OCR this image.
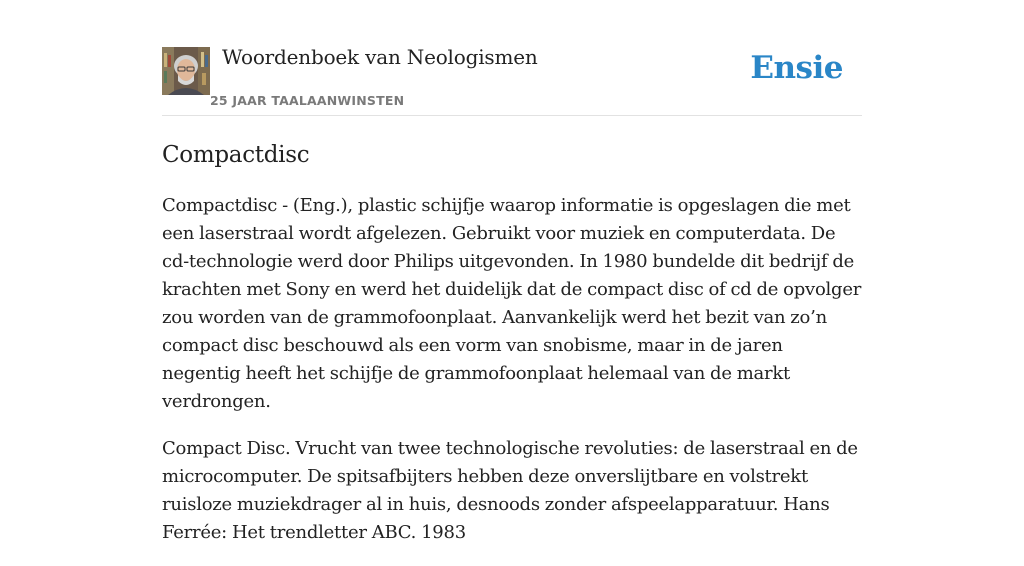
Woordenboek van Neologismen
25 JAAR TAALAANWINSTEN
Ensie
Compactdisc

Compactdisc - (Eng.), plastic schijfje waarop informatie is opgeslagen die met een laserstraal wordt afgelezen. Gebruikt voor muziek en computerdata. De cd-technologie werd door Philips uitgevonden. In 1980 bundelde dit bedrijf de krachten met Sony en werd het duidelijk dat de compact disc of cd de opvolger zou worden van de grammofoonplaat. Aanvankelijk werd het bezit van zo’n compact disc beschouwd als een vorm van snobisme, maar in de jaren negentig heeft het schijfje de grammofoonplaat helemaal van de markt verdrongen.

Compact Disc. Vrucht van twee technologische revoluties: de laserstraal en de microcomputer. De spitsafbijters hebben deze onverslijtbare en volstrekt ruisloze muziekdrager al in huis, desnoods zonder afspeelapparatuur. Hans Ferrée: Het trendletter ABC. 1983
